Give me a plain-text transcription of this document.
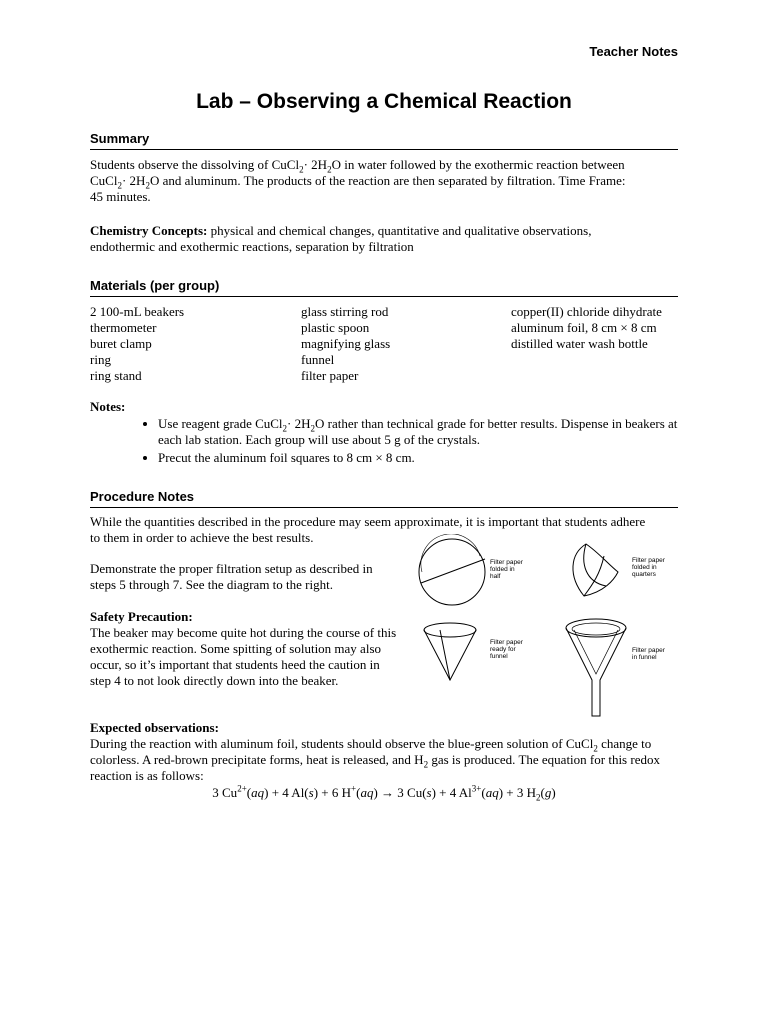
Teacher Notes
Lab – Observing a Chemical Reaction
Summary
Students observe the dissolving of CuCl$_2$· $2H_2O$ in water followed by the exothermic reaction between
CuCl$_2$· $2H_2O$ and aluminum. The products of the reaction are then separated by filtration. Time Frame:
45 minutes.
Chemistry Concepts: physical and chemical changes, quantitative and qualitative observations, endothermic and exothermic reactions, separation by filtration
Materials (per group)
2 100-mL beakers
thermometer
buret clamp
ring
ring stand
glass stirring rod
plastic spoon
magnifying glass
funnel
filter paper
copper(II) chloride dihydrate
aluminum foil, 8 cm × 8 cm
distilled water wash bottle
Notes:
• Use reagent grade CuCl$_2$· $2H_2O$ rather than technical grade for better results. Dispense in beakers at each lab station. Each group will use about 5 g of the crystals.
• Precut the aluminum foil squares to 8 cm × 8 cm.
Procedure Notes
While the quantities described in the procedure may seem approximate, it is important that students adhere to them in order to achieve the best results.
Demonstrate the proper filtration setup as described in steps 5 through 7. See the diagram to the right.
Safety Precaution:
The beaker may become quite hot during the course of this exothermic reaction. Some spitting of solution may also occur, so it’s important that students heed the caution in step 4 to not look directly down into the beaker.
Expected observations:
During the reaction with aluminum foil, students should observe the blue-green solution of CuCl$_2$ change to colorless. A red-brown precipitate forms, heat is released, and $H_2$ gas is produced. The equation for this redox reaction is as follows:
3 $Cu^{2+}(aq) + 4$ Al(s) + 6 H+(aq) → 3 Cu(s) + 4 $Al^{3+}(aq) + 3$ $H_2(g)$
Filter paper
folded in
half
Filter paper
folded in
quarters
Filter paper
ready for
funnel
Filter paper
in funnel
